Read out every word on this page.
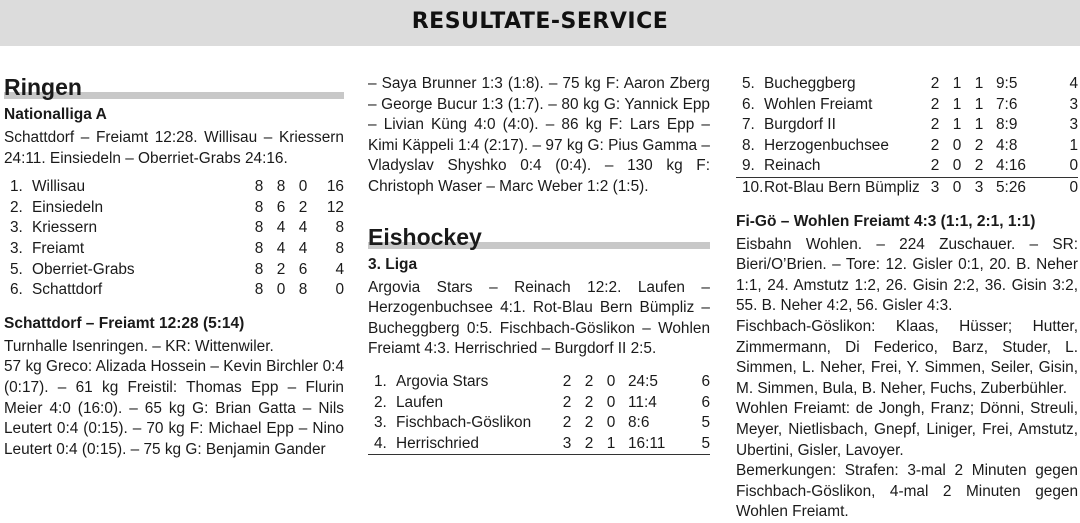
RESULTATE-SERVICE
Ringen
Nationalliga A
Schattdorf – Freiamt 12:28. Willisau – Kriessern 24:11. Einsiedeln – Oberriet-Grabs 24:16.
1.	Willisau	8	8	0	16
2.	Einsiedeln	8	6	2	12
3.	Kriessern	8	4	4	8
3.	Freiamt	8	4	4	8
5.	Oberriet-Grabs	8	2	6	4
6.	Schattdorf	8	0	8	0
Schattdorf – Freiamt 12:28 (5:14)
Turnhalle Isenringen. – KR: Wittenwiler.
57 kg Greco: Alizada Hossein – Kevin Birchler 0:4 (0:17). – 61 kg Freistil: Thomas Epp – Flurin Meier 4:0 (16:0). – 65 kg G: Brian Gatta – Nils Leutert 0:4 (0:15). – 70 kg F: Michael Epp – Nino Leutert 0:4 (0:15). – 75 kg G: Benjamin Gander
– Saya Brunner 1:3 (1:8). – 75 kg F: Aaron Zberg – George Bucur 1:3 (1:7). – 80 kg G: Yannick Epp – Livian Küng 4:0 (4:0). – 86 kg F: Lars Epp – Kimi Käppeli 1:4 (2:17). – 97 kg G: Pius Gamma – Vladyslav Shyshko 0:4 (0:4). – 130 kg F: Christoph Waser – Marc Weber 1:2 (1:5).
Eishockey
3. Liga
Argovia Stars – Reinach 12:2. Laufen – Herzogenbuchsee 4:1. Rot-Blau Bern Bümpliz – Bucheggberg 0:5. Fischbach-Göslikon – Wohlen Freiamt 4:3. Herrischried – Burgdorf II 2:5.
1.	Argovia Stars	2	2	0	24:5	6
2.	Laufen	2	2	0	11:4	6
3.	Fischbach-Göslikon	2	2	0	8:6	5
4.	Herrischried	3	2	1	16:11	5
5.	Bucheggberg	2	1	1	9:5	4
6.	Wohlen Freiamt	2	1	1	7:6	3
7.	Burgdorf II	2	1	1	8:9	3
8.	Herzogenbuchsee	2	0	2	4:8	1
9.	Reinach	2	0	2	4:16	0
10.	Rot-Blau Bern Bümpliz	3	0	3	5:26	0
Fi-Gö – Wohlen Freiamt 4:3 (1:1, 2:1, 1:1)
Eisbahn Wohlen. – 224 Zuschauer. – SR: Bieri/O’Brien. – Tore: 12. Gisler 0:1, 20. B. Neher 1:1, 24. Amstutz 1:2, 26. Gisin 2:2, 36. Gisin 3:2, 55. B. Neher 4:2, 56. Gisler 4:3.
Fischbach-Göslikon: Klaas, Hüsser; Hutter, Zimmermann, Di Federico, Barz, Studer, L. Simmen, L. Neher, Frei, Y. Simmen, Seiler, Gisin, M. Simmen, Bula, B. Neher, Fuchs, Zuberbühler.
Wohlen Freiamt: de Jongh, Franz; Dönni, Streuli, Meyer, Nietlisbach, Gnepf, Liniger, Frei, Amstutz, Ubertini, Gisler, Lavoyer.
Bemerkungen: Strafen: 3-mal 2 Minuten gegen Fischbach-Göslikon, 4-mal 2 Minuten gegen Wohlen Freiamt.
